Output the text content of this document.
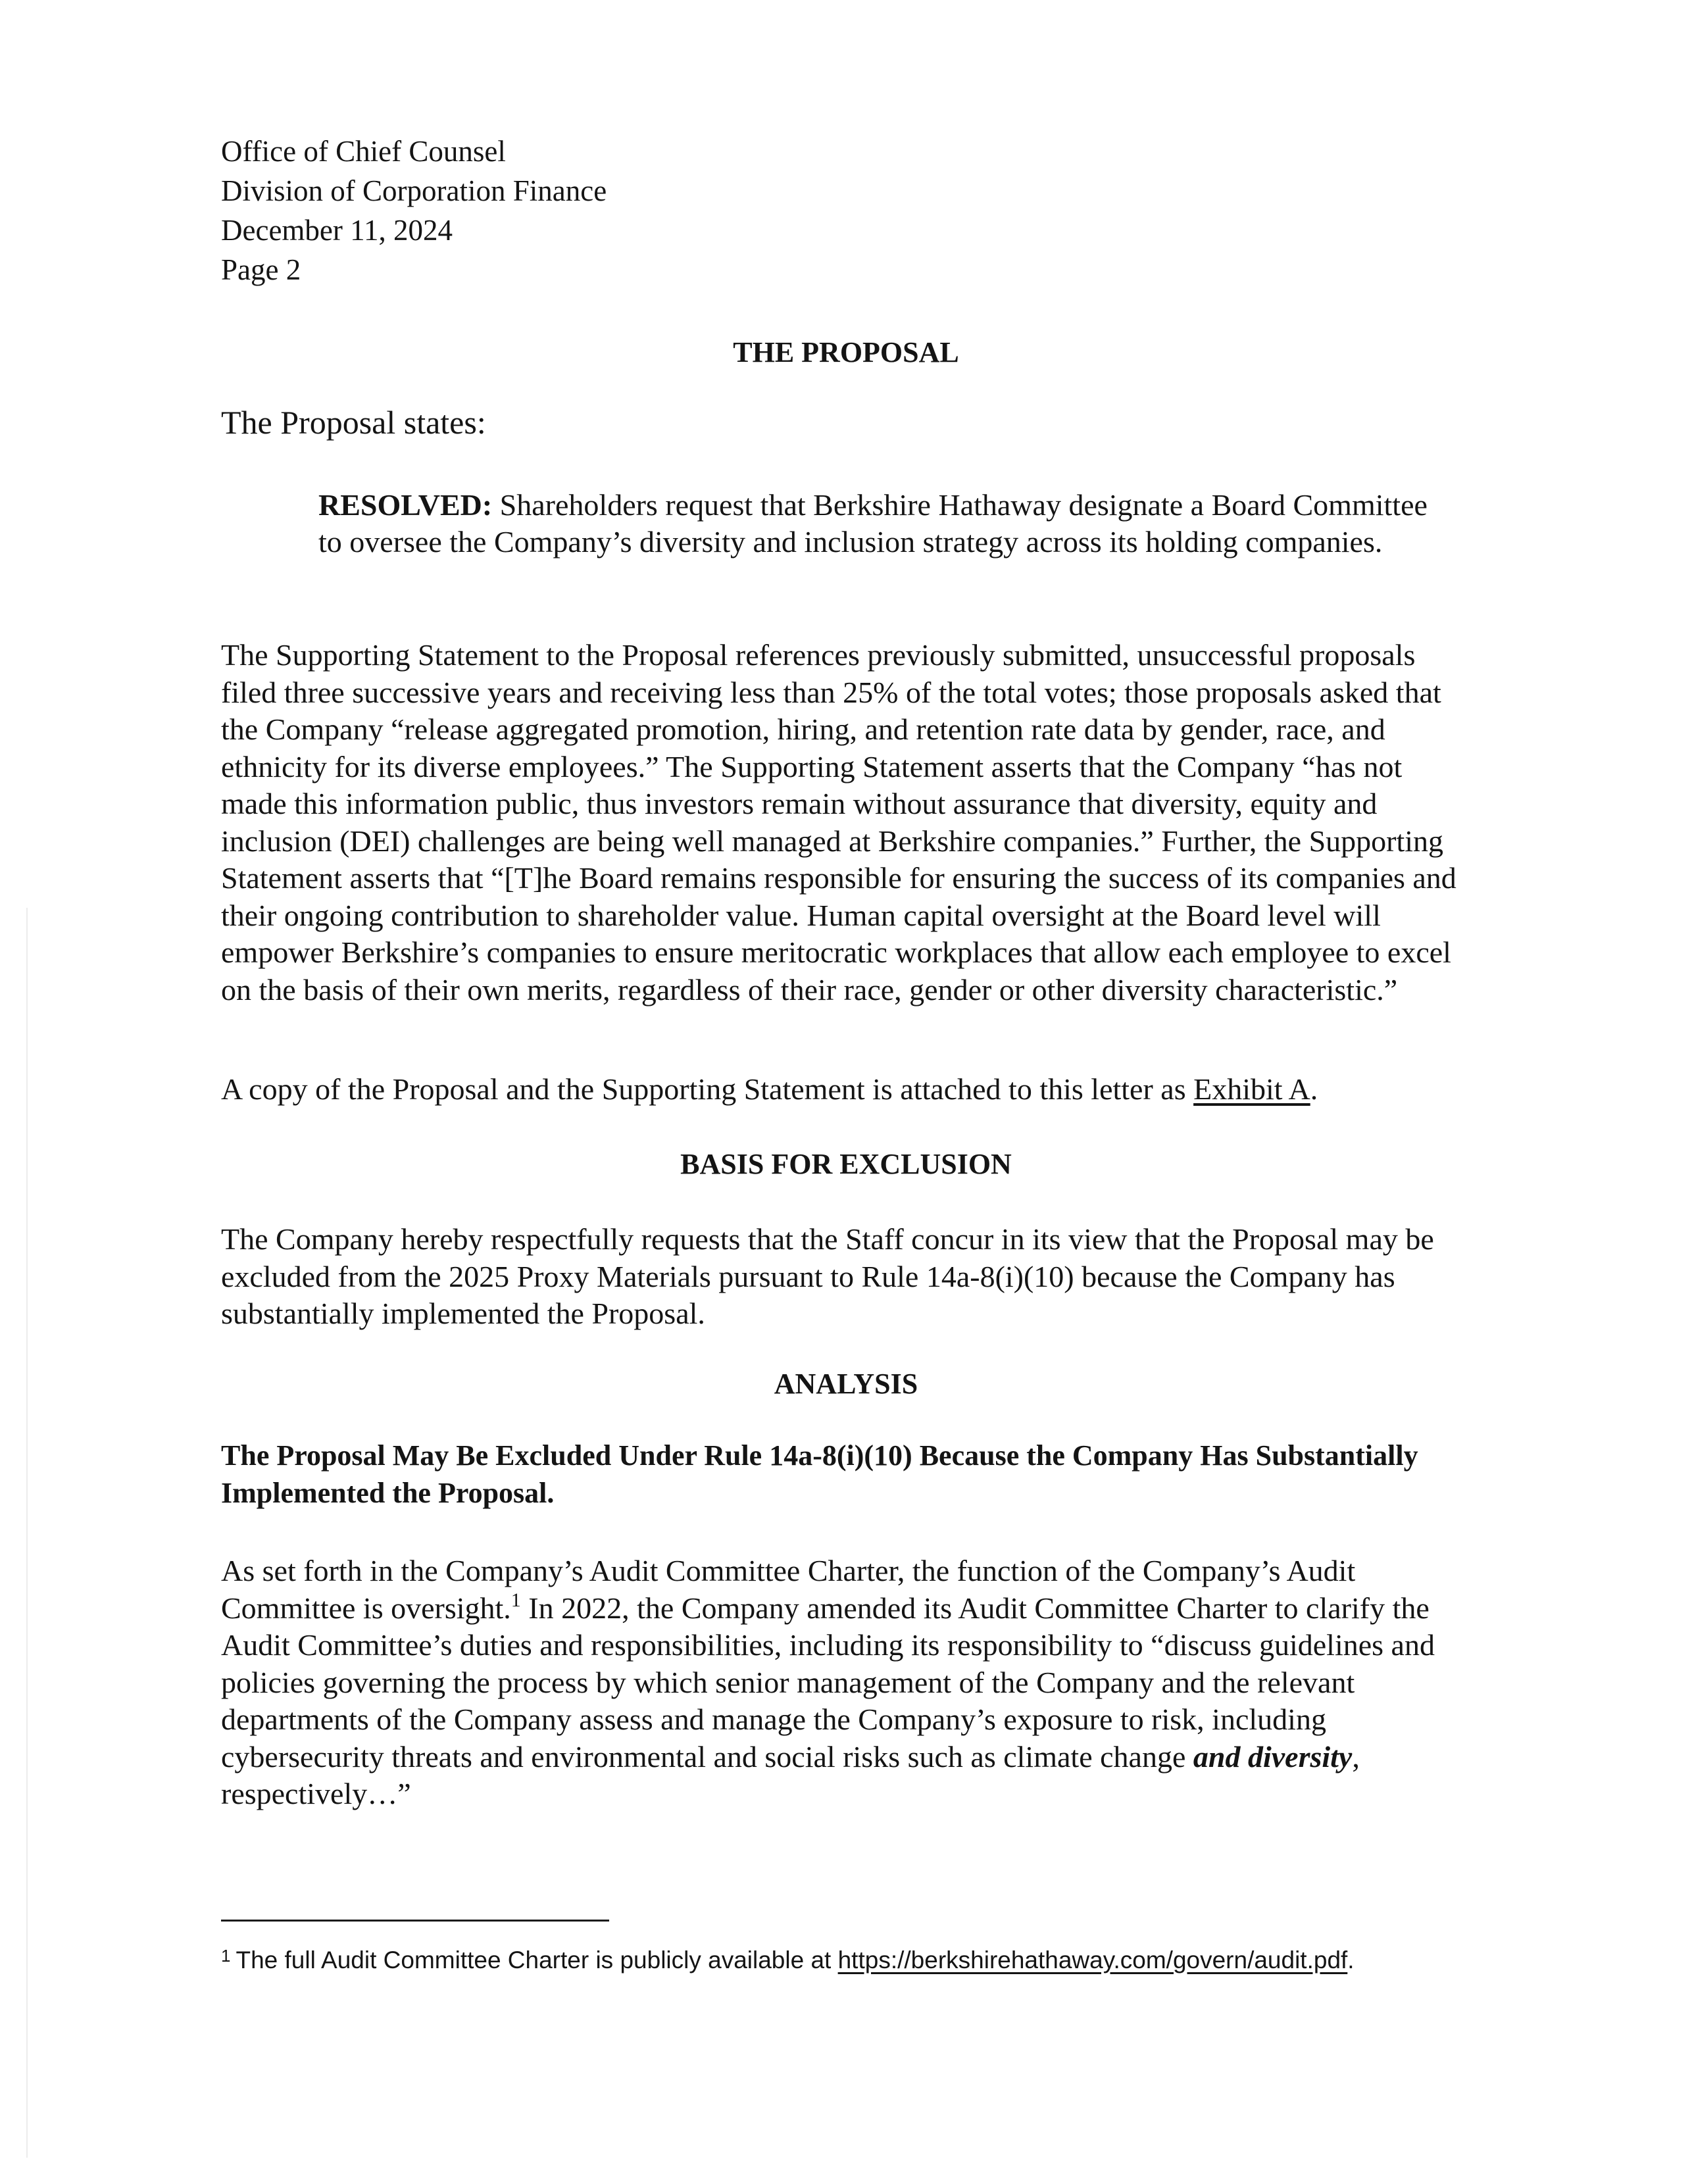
Office of Chief Counsel
Division of Corporation Finance
December 11, 2024
Page 2
THE PROPOSAL
The Proposal states:
RESOLVED: Shareholders request that Berkshire Hathaway designate a Board Committee to oversee the Company’s diversity and inclusion strategy across its holding companies.
The Supporting Statement to the Proposal references previously submitted, unsuccessful proposals filed three successive years and receiving less than 25% of the total votes; those proposals asked that the Company “release aggregated promotion, hiring, and retention rate data by gender, race, and ethnicity for its diverse employees.” The Supporting Statement asserts that the Company “has not made this information public, thus investors remain without assurance that diversity, equity and inclusion (DEI) challenges are being well managed at Berkshire companies.” Further, the Supporting Statement asserts that “[T]he Board remains responsible for ensuring the success of its companies and their ongoing contribution to shareholder value. Human capital oversight at the Board level will empower Berkshire’s companies to ensure meritocratic workplaces that allow each employee to excel on the basis of their own merits, regardless of their race, gender or other diversity characteristic.”
A copy of the Proposal and the Supporting Statement is attached to this letter as Exhibit A.
BASIS FOR EXCLUSION
The Company hereby respectfully requests that the Staff concur in its view that the Proposal may be excluded from the 2025 Proxy Materials pursuant to Rule 14a-8(i)(10) because the Company has substantially implemented the Proposal.
ANALYSIS
The Proposal May Be Excluded Under Rule 14a-8(i)(10) Because the Company Has Substantially Implemented the Proposal.
As set forth in the Company’s Audit Committee Charter, the function of the Company’s Audit Committee is oversight.$^1$ In 2022, the Company amended its Audit Committee Charter to clarify the Audit Committee’s duties and responsibilities, including its responsibility to “discuss guidelines and policies governing the process by which senior management of the Company and the relevant departments of the Company assess and manage the Company’s exposure to risk, including cybersecurity threats and environmental and social risks such as climate change and diversity, respectively…”
$^1$ The full Audit Committee Charter is publicly available at https://berkshirehathaway.com/govern/audit.pdf.
